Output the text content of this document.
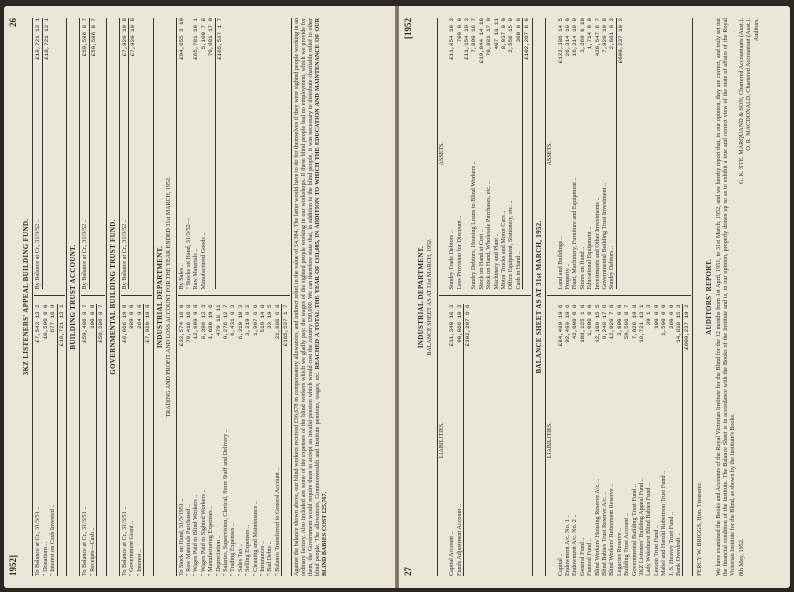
1952]
26
3KZ LISTENERS' APPEAL BUILDING FUND.
To Balance at Cr., 31/3/51 ..
£7,543 13 2
" Donations ..
10,500 0 0
" Interest on Cash Invested ..
677 16 9 £18,721 13 1
By Balance at Cr., 31/3/52 ..
£18,721 13 1 £18,721 13 1
BUILDING TRUST ACCOUNT.
To Balance at Cr., 31/3/51 ..
£59,486 8 7
" Receipts—Cash ..
100 0 0 £59,586 8 7
By Balance at Cr., 31/3/52 ..
£59,586 8 7 £59,586 8 7
GOVERNMENTAL BUILDING TRUST FUND.
To Balance at Cr., 31/3/51 ..
£6,666 19 0
" Government Grant ..
989 0 0
" Interest ..
264 9 8 £7,920 19 8
By Balance at Cr., 31/3/52 ..
£7,920 19 8 £7,920 19 8
INDUSTRIAL DEPARTMENT. TRADING AND PROFIT AND LOSS ACCOUNT FOR THE YEAR ENDED 31st MARCH, 1952.
To Stock on Hand, 31/3/1951 ..
£32,574 16 0
" Raw Materials Purchased ..
78,416 16 8
" Wages Paid to Blind Workers ..
12,809 9 8
" Wages Paid to Sighted Workers ..
8,396 12 3
" Manufacturing Expenses ..
1,680 19 6
" Depreciation ..
479 18 11
" Salaries, Supervision, Clerical, Store Staff and Delivery ..
9,276 12 7
" Trading Expenses ..
6,431 8 3
" Sales Tax ..
6,310 10 3
" Selling Expenses ..
3,219 8 2
" Cleaning and Maintenance ..
1,997 6 6
" Insurances ..
519 14 0
" Bad Debts ..
33 19 5
" Balance Transferred to General Account ..
21,886 6 8 £165,537 1 7
By Sales ..
£94,655 3 10
" Stocks on Hand, 31/3/52— Raw Materials ..
£65,781 10 1
Manufactured Goods ..
5,100 7 8 70,881 17 9 £165,537 1 7	Against the balance shown above, our blind workers received £36,678 in compensatory allowances, and indirect relief in the value of £4,384. The latter would have to do for themselves if they were sighted people working in an ordinary factory. Also included are some of the expenses of the blind workers which we gladly pay: the wages of the sighted people working in our workshops. If these blind people had no employment, which we provide for them, the Government would require them to accept an invalid pension which would cost the country £80,000. We can therefore state that, in addition to the blind people, it was necessary to distribute charitable relief to other blind people. The allowances, Commonwealth and Institute pensions, wages, etc. REACHED A TOTAL THE YEAR OF £111,085, IN ADDITION TO WHICH THE EDUCATION AND MAINTENANCE OF OUR BLIND BABIES COST £25,767.	27
[1952
INDUSTRIAL DEPARTMENT. BALANCE SHEET AS AT 31st MARCH, 1952.
LIABILITIES.
Capital Account ..
£11,340 16 3
Funds Adjustment Account ..
90,866 10 3 £102,207 6 6
ASSETS.
Sundry Trade Debtors ..
£11,854 10 3
Less Provision for Discount ..
700 0 0 £11,154 10 3
Sundry Debtors, Housing Loans to Blind Workers ..
7,890 16 7
Stock on Hand at Cost ..
£19,044 14 10
Stock on Hand, Wholesale Purchases, etc. ..
70,881 17 9
Machinery and Plant ..
407 18 11
Motor Trucks and Motor Cars ..
8,037 0 0
Office Equipment, Stationery, etc. ..
2,556 15 0
Cash in Hand ..
300 0 0 £102,207 6 6
BALANCE SHEET AS AT 31st MARCH, 1952.
LIABILITIES.
Capital ..
£84,489 19 6
Endowment A/c. No. 1 ..
92,489 19 6
Endowment A/c. No. 2 ..
42,000 0 0
General Fund ..
108,125 1 6
Funeral Fund ..
1,000 0 0
Blind Workers' Housing Reserve A/c. ..
12,109 15 5
Blind Babies Trust Reserve A/c. ..
9,248 17 6
Blind Workers' Retirement Reserve ..
12,028 7 6
Legacies Reserve ..
3,800 0 0
Building Trust Account ..
59,586 8 7
Governmental Building Trust Fund ..
7,920 19 8
3KZ Listeners' Building Appeal Fund ..
18,721 13 1
Lady Wakehurst Blind Babies Fund ..
39 1 3
Leeson Trust Fund ..
100 0 0
Mabel and Harold Robertson Trust Fund ..
1,500 0 0
J. S. Heavey Trust Fund ..
260 0 0
Bank Overdraft ..
14,818 15 3 £609,237 19 2
ASSETS.
Land and Buildings ..
£122,386 14 5
Property ..
26,314 10 0
Plant, Machinery, Furniture and Equipment ..
16,314 10 0
Stores on Hand ..
3,269 6 10
Educational Equipment ..
1,714 0 0
Investments and Other Investments ..
428,547 6 7
Governmental Building Trust Investment ..
7,920 19 8
Sundry Debtors ..
2,661 9 3 £609,237 19 2
PERCY W. BRIGGS, Hon. Treasurer.
AUDITORS' REPORT. We have examined the Books and Accounts of the Royal Victorian Institute for the Blind for the 12 months from 1st April, 1951, to 31st March, 1952, and we hereby report that, in our opinion, they are correct, and truly set out the financial condition of the Institute. The Balance Sheet is in accordance with the Books of the Institute and is, in our opinion, properly drawn up so as to exhibit a true and correct view of the state of affairs of the Royal Victorian Institute for the Blind, as shown by the Institute's Books. 8th May, 1952.
G. K. STE. MARQUAND & SON, Chartered Accountants (Aust.). O. R. MACDONALD, Chartered Accountant (Aust.). Auditors.
